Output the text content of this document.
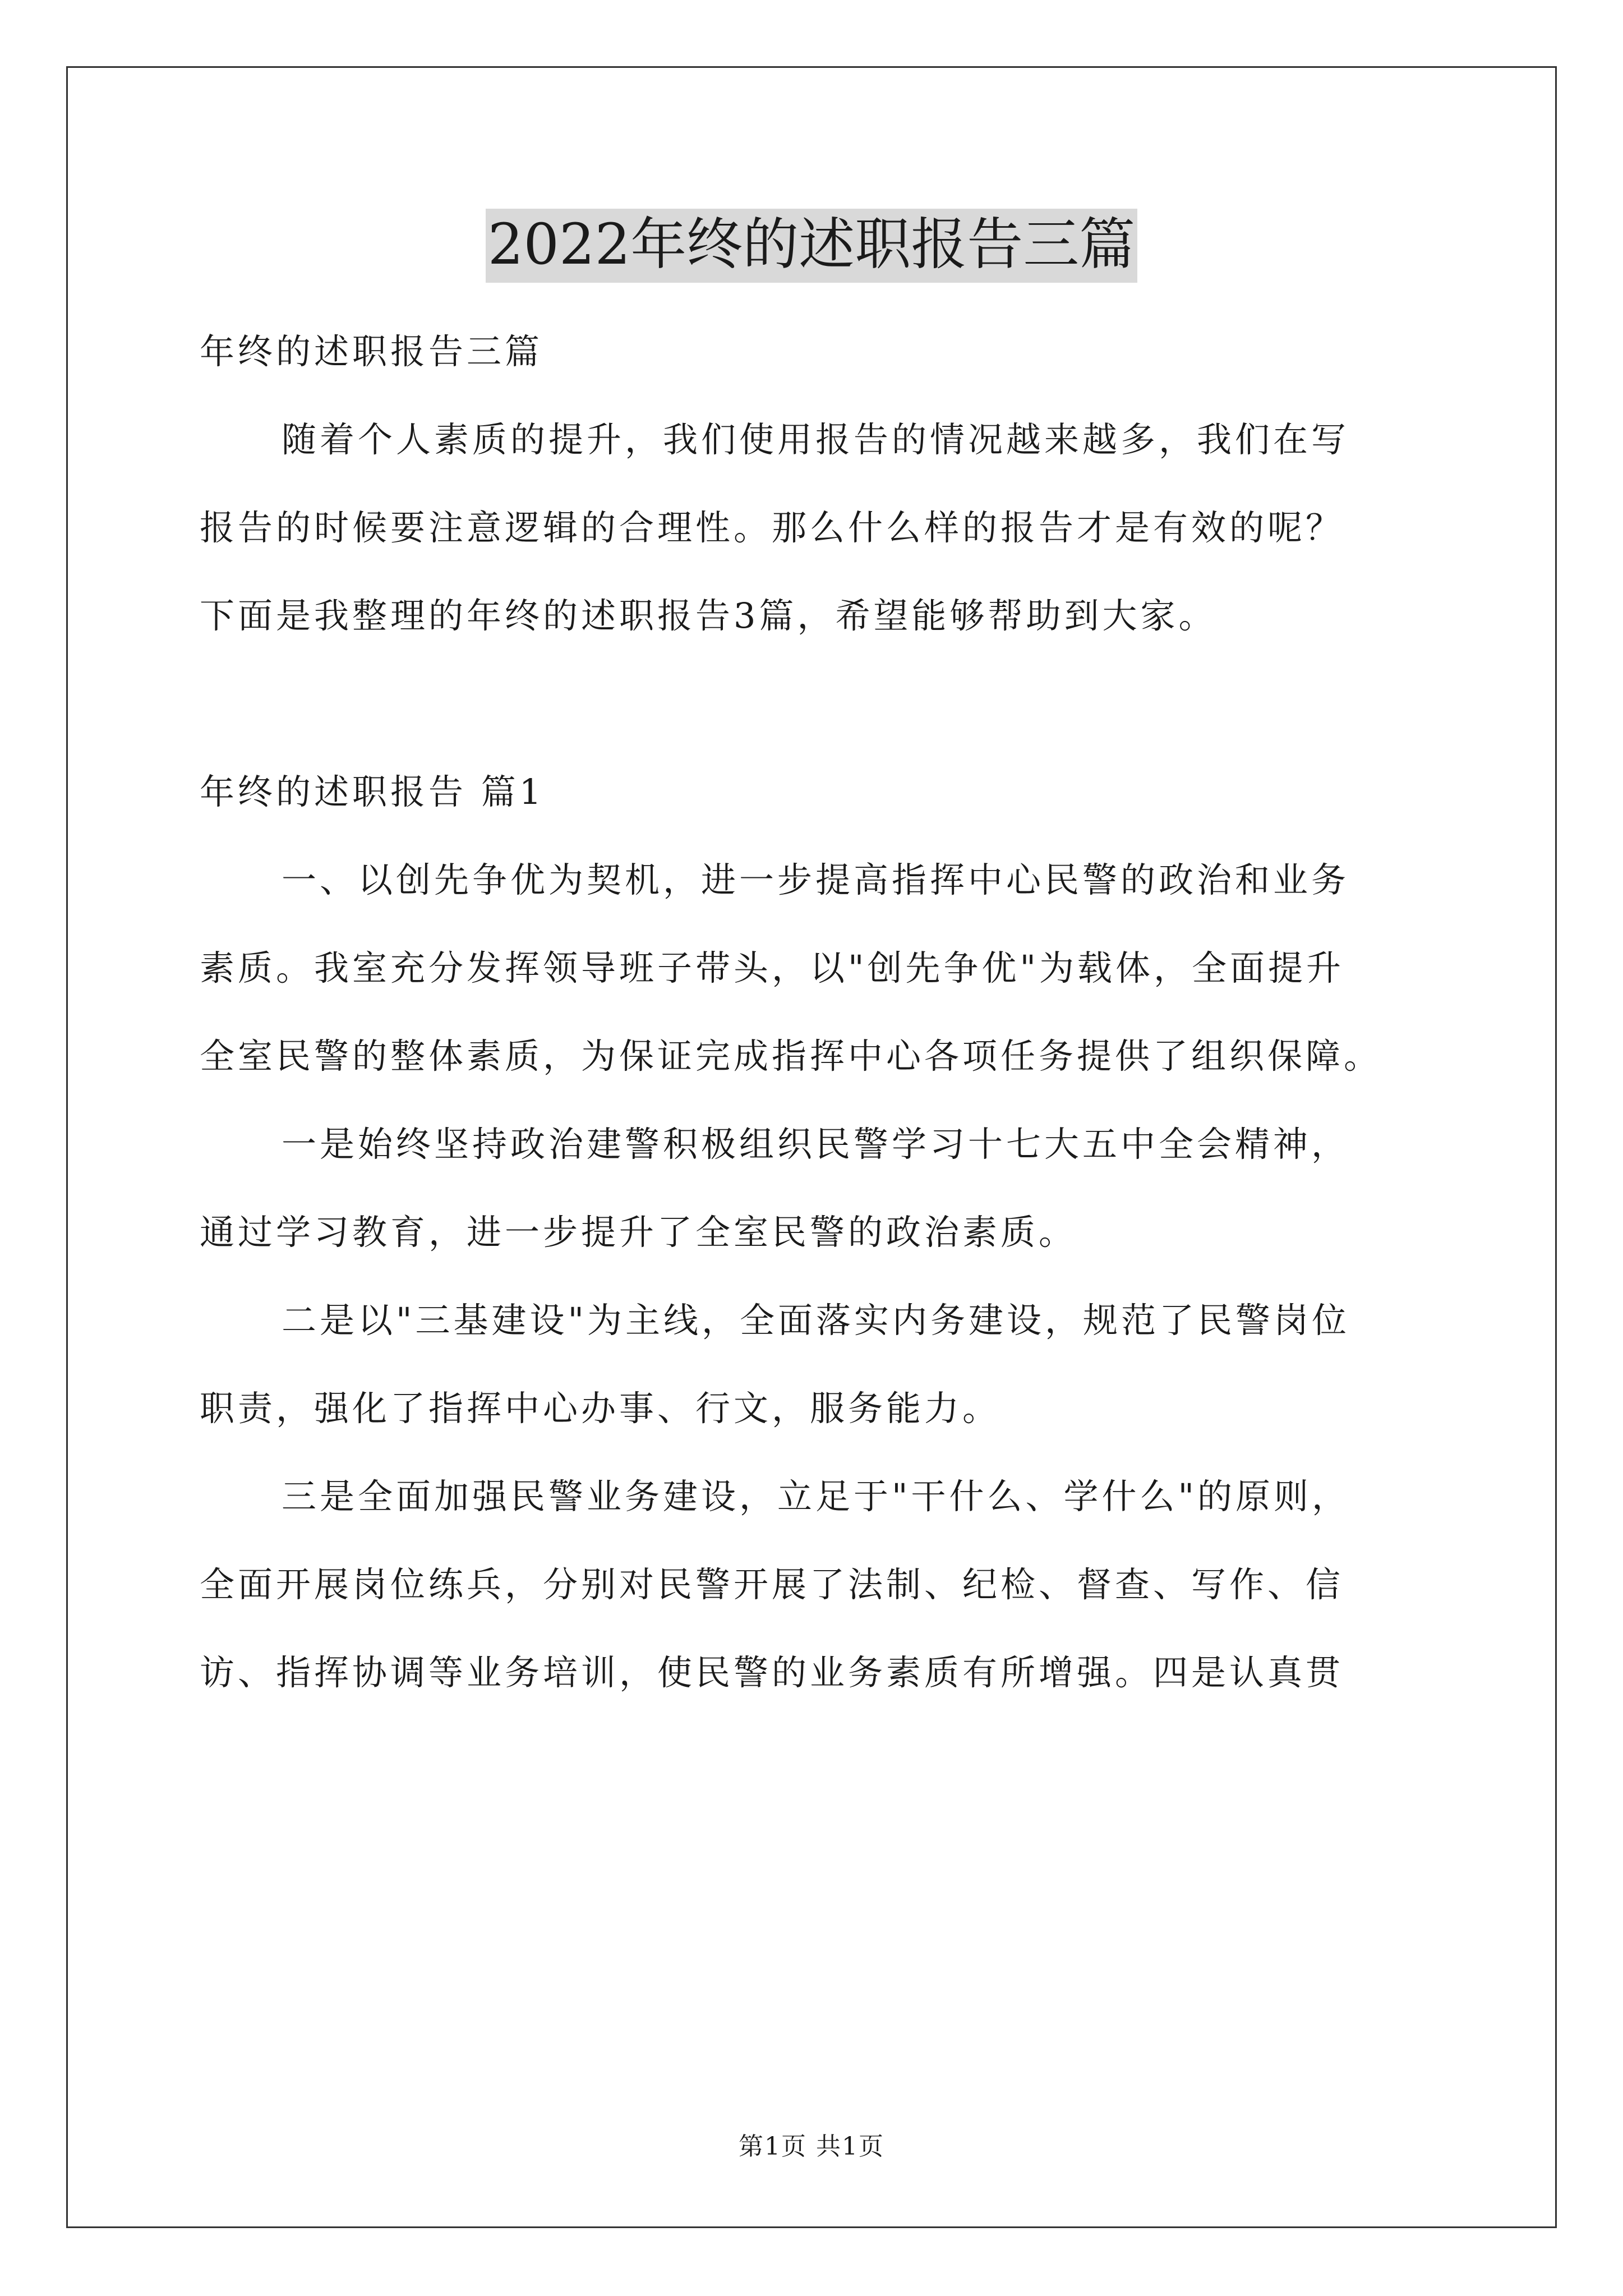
2022年终的述职报告三篇
年终的述职报告三篇
随着个人素质的提升，我们使用报告的情况越来越多，我们在写
报告的时候要注意逻辑的合理性。那么什么样的报告才是有效的呢？
下面是我整理的年终的述职报告3篇，希望能够帮助到大家。
年终的述职报告 篇1
一、以创先争优为契机，进一步提高指挥中心民警的政治和业务
素质。我室充分发挥领导班子带头，以"创先争优"为载体，全面提升
全室民警的整体素质，为保证完成指挥中心各项任务提供了组织保障。
一是始终坚持政治建警积极组织民警学习十七大五中全会精神，
通过学习教育，进一步提升了全室民警的政治素质。
二是以"三基建设"为主线，全面落实内务建设，规范了民警岗位
职责，强化了指挥中心办事、行文，服务能力。
三是全面加强民警业务建设，立足于"干什么、学什么"的原则，
全面开展岗位练兵，分别对民警开展了法制、纪检、督查、写作、信
访、指挥协调等业务培训，使民警的业务素质有所增强。四是认真贯
第1页 共1页
